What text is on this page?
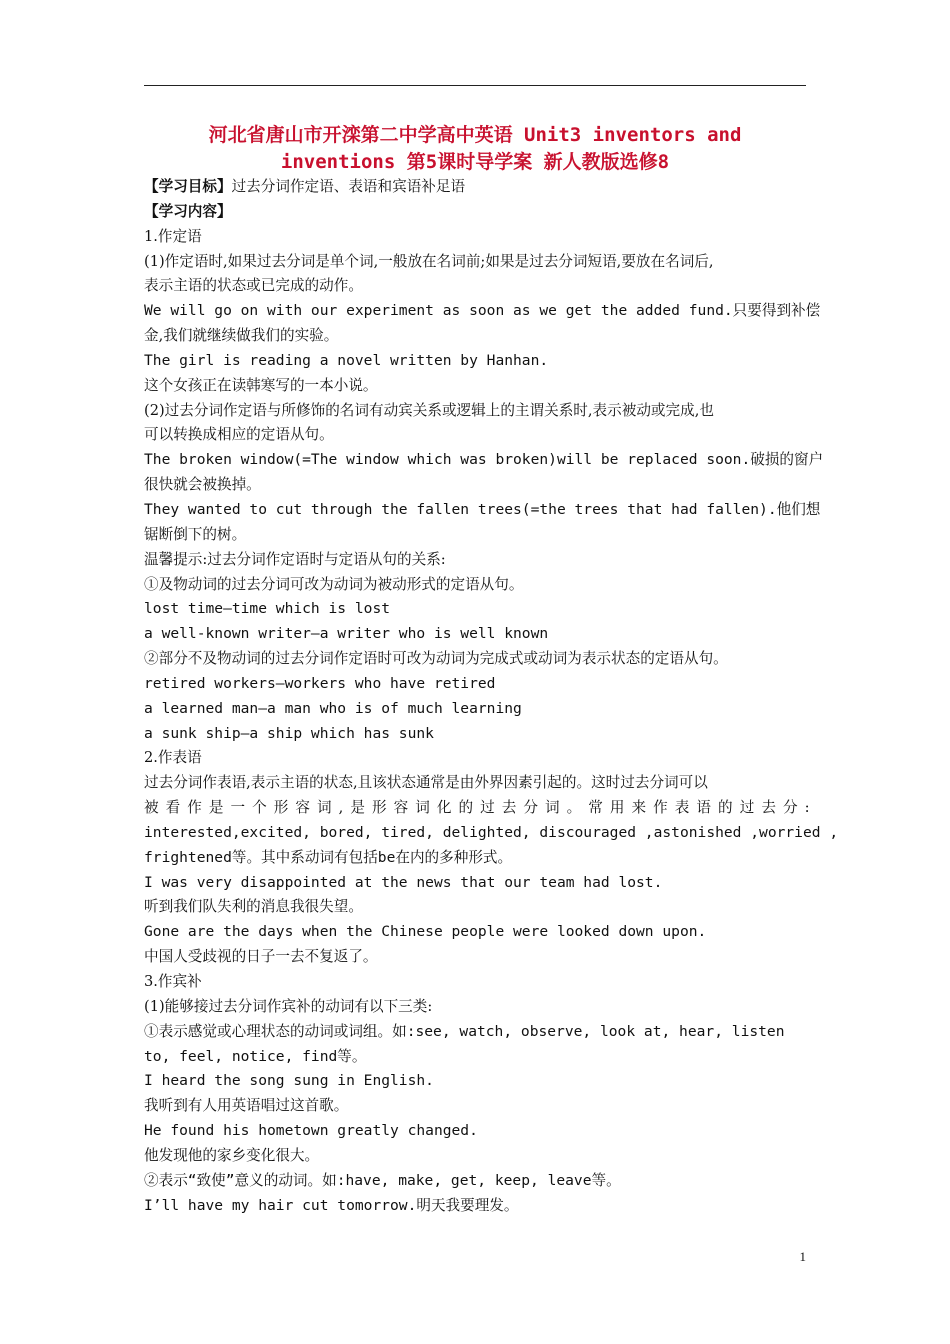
河北省唐山市开滦第二中学高中英语 Unit3 inventors and
inventions 第5课时导学案 新人教版选修8
【学习目标】过去分词作定语、表语和宾语补足语
【学习内容】
1.作定语
(1)作定语时,如果过去分词是单个词,一般放在名词前;如果是过去分词短语,要放在名词后,
表示主语的状态或已完成的动作。
We will go on with our experiment as soon as we get the added fund.只要得到补偿
金,我们就继续做我们的实验。
The girl is reading a novel written by Hanhan.
这个女孩正在读韩寒写的一本小说。
(2)过去分词作定语与所修饰的名词有动宾关系或逻辑上的主谓关系时,表示被动或完成,也
可以转换成相应的定语从句。
The broken window(=The window which was broken)will be replaced soon.破损的窗户
很快就会被换掉。
They wanted to cut through the fallen trees(=the trees that had fallen).他们想
锯断倒下的树。
温馨提示:过去分词作定语时与定语从句的关系:
①及物动词的过去分词可改为动词为被动形式的定语从句。
lost time—time which is lost
a well-known writer—a writer who is well known
②部分不及物动词的过去分词作定语时可改为动词为完成式或动词为表示状态的定语从句。
retired workers—workers who have retired
a learned man—a man who is of much learning
a sunk ship—a ship which has sunk
2.作表语
过去分词作表语,表示主语的状态,且该状态通常是由外界因素引起的。这时过去分词可以
被看作是一个形容词,是形容词化的过去分词。常用来作表语的过去分:
interested,excited, bored, tired, delighted, discouraged ,astonished ,worried ,
frightened等。其中系动词有包括be在内的多种形式。
I was very disappointed at the news that our team had lost.
听到我们队失利的消息我很失望。
Gone are the days when the Chinese people were looked down upon.
中国人受歧视的日子一去不复返了。
3.作宾补
(1)能够接过去分词作宾补的动词有以下三类:
①表示感觉或心理状态的动词或词组。如:see, watch, observe, look at, hear, listen
to, feel, notice, find等。
I heard the song sung in English.
我听到有人用英语唱过这首歌。
He found his hometown greatly changed.
他发现他的家乡变化很大。
②表示“致使”意义的动词。如:have, make, get, keep, leave等。
I’ll have my hair cut tomorrow.明天我要理发。
1
